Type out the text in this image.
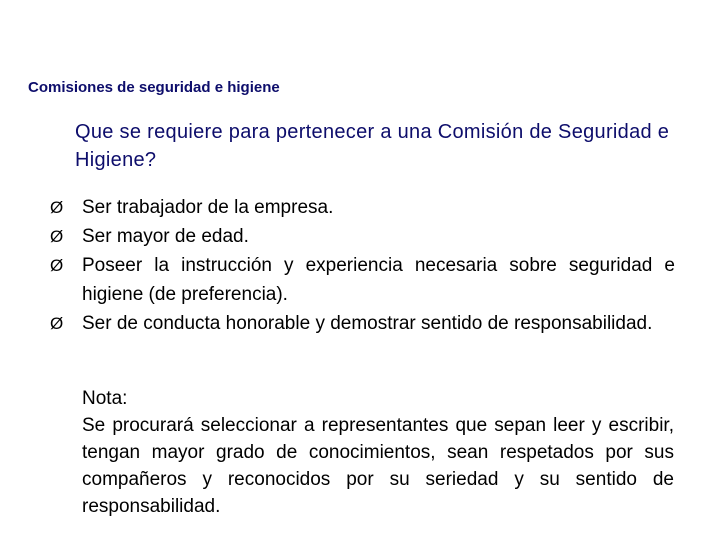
Comisiones de seguridad e higiene
Que se requiere para pertenecer a una Comisión de Seguridad e Higiene?
Ø Ser trabajador de la empresa.
Ø Ser mayor de edad.
Ø Poseer la instrucción y experiencia necesaria sobre seguridad e higiene (de preferencia).
Ø Ser de conducta honorable y demostrar sentido de responsabilidad.
Nota:
Se procurará seleccionar a representantes que sepan leer y escribir, tengan mayor grado de conocimientos, sean respetados por sus compañeros y reconocidos por su seriedad y su sentido de responsabilidad.
